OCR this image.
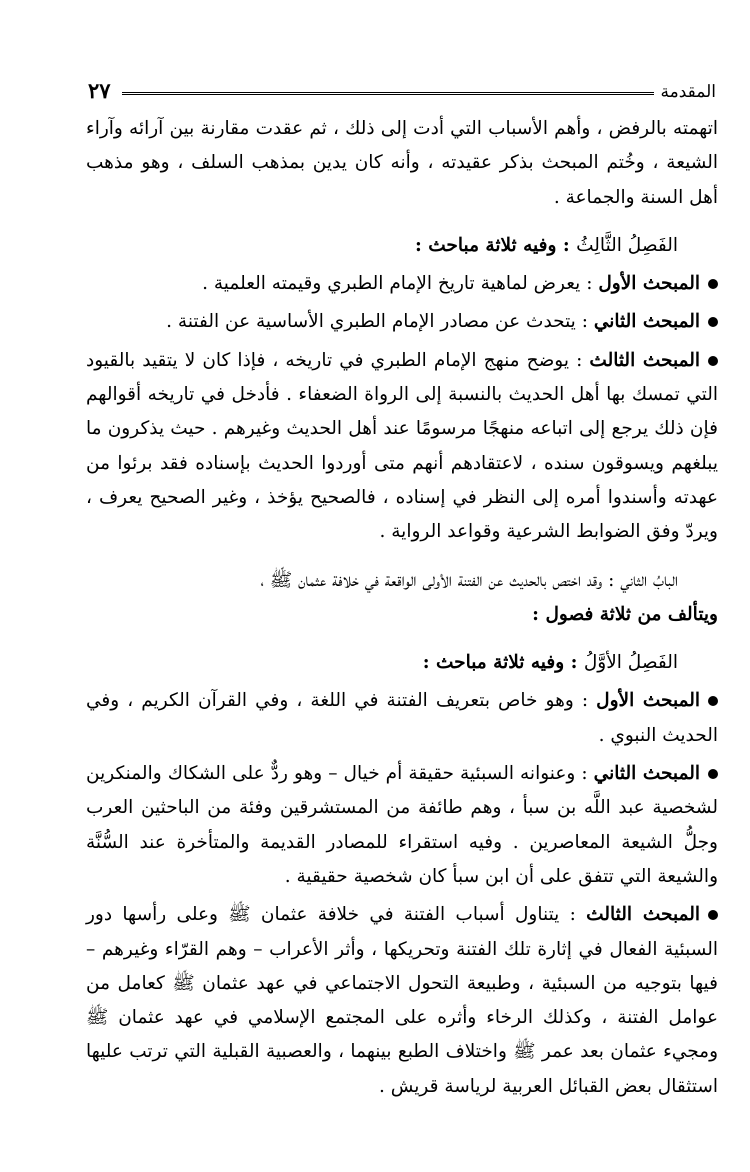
المقدمة
٢٧

اتهمته بالرفض ، وأهم الأسباب التي أدت إلى ذلك ، ثم عقدت مقارنة بين آرائه وآراء الشيعة ، وخُتم المبحث بذكر عقيدته ، وأنه كان يدين بمذهب السلف ، وهو مذهب أهل السنة والجماعة .

الفَصِلُ الثَّالِثُ : وفيه ثلاثة مباحث :

المبحث الأول : يعرض لماهية تاريخ الإمام الطبري وقيمته العلمية .

المبحث الثاني : يتحدث عن مصادر الإمام الطبري الأساسية عن الفتنة .

المبحث الثالث : يوضح منهج الإمام الطبري في تاريخه ، فإذا كان لا يتقيد بالقيود التي تمسك بها أهل الحديث بالنسبة إلى الرواة الضعفاء . فأدخل في تاريخه أقوالهم فإن ذلك يرجع إلى اتباعه منهجًا مرسومًا عند أهل الحديث وغيرهم . حيث يذكرون ما يبلغهم ويسوقون سنده ، لاعتقادهم أنهم متى أوردوا الحديث بإسناده فقد برئوا من عهدته وأسندوا أمره إلى النظر في إسناده ، فالصحيح يؤخذ ، وغير الصحيح يعرف ، ويردّ وفق الضوابط الشرعية وقواعد الرواية .

البابُ الثاني : وقد اختص بالحديث عن الفتنة الأولى الواقعة في خلافة عثمان ﷺ ،

ويتألف من ثلاثة فصول :

الفَصِلُ الأوَّلُ : وفيه ثلاثة مباحث :

المبحث الأول : وهو خاص بتعريف الفتنة في اللغة ، وفي القرآن الكريم ، وفي الحديث النبوي .

المبحث الثاني : وعنوانه السبئية حقيقة أم خيال – وهو ردٌّ على الشكاك والمنكرين لشخصية عبد اللَّه بن سبأ ، وهم طائفة من المستشرقين وفئة من الباحثين العرب وجلُّ الشيعة المعاصرين . وفيه استقراء للمصادر القديمة والمتأخرة عند السُّنَّة والشيعة التي تتفق على أن ابن سبأ كان شخصية حقيقية .

المبحث الثالث : يتناول أسباب الفتنة في خلافة عثمان ﷺ وعلى رأسها دور السبئية الفعال في إثارة تلك الفتنة وتحريكها ، وأثر الأعراب – وهم القرّاء وغيرهم – فيها بتوجيه من السبئية ، وطبيعة التحول الاجتماعي في عهد عثمان ﷺ كعامل من عوامل الفتنة ، وكذلك الرخاء وأثره على المجتمع الإسلامي في عهد عثمان ﷺ ومجيء عثمان بعد عمر ﷺ واختلاف الطبع بينهما ، والعصبية القبلية التي ترتب عليها استثقال بعض القبائل العربية لرياسة قريش .
